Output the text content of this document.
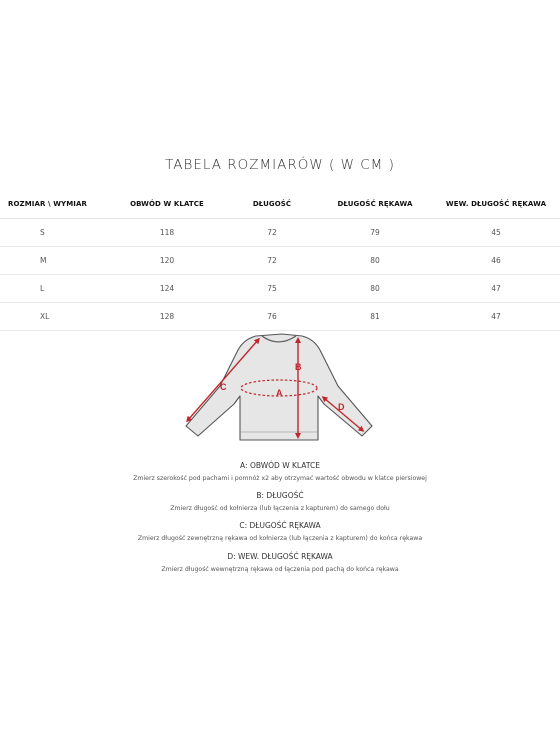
TABELA ROZMIARÓW ( W CM )
ROZMIAR \ WYMIAR	OBWÓD W KLATCE	DŁUGOŚĆ	DŁUGOŚĆ RĘKAWA	WEW. DŁUGOŚĆ RĘKAWA
S	118	72	79	45
M	120	72	80	46
L	124	75	80	47
XL	128	76	81	47
A
B
C
D
A: OBWÓD W KLATCE
Zmierz szerokość pod pachami i pomnóż x2 aby otrzymać wartość obwodu w klatce piersiowej
B: DŁUGOŚĆ
Zmierz długość od kołnierza (lub łączenia z kapturem) do samego dołu
C: DŁUGOŚĆ RĘKAWA
Zmierz długość zewnętrzną rękawa od kołnierza (lub łączenia z kapturem) do końca rękawa
D: WEW. DŁUGOŚĆ RĘKAWA
Zmierz długość wewnętrzną rękawa od łączenia pod pachą do końca rękawa
